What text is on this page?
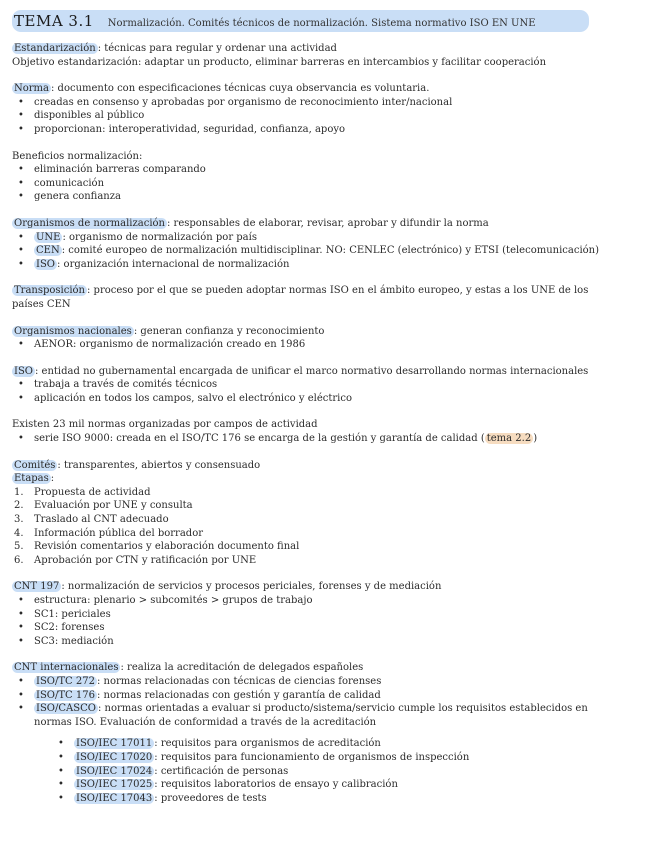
TEMA 3.1 Normalización. Comités técnicos de normalización. Sistema normativo ISO EN UNE
Estandarización : técnicas para regular y ordenar una actividad
Objetivo estandarización: adaptar un producto, eliminar barreras en intercambios y facilitar cooperación
Norma : documento con especificaciones técnicas cuya observancia es voluntaria.
• creadas en consenso y aprobadas por organismo de reconocimiento inter/nacional
• disponibles al público
• proporcionan: interoperatividad, seguridad, confianza, apoyo
Beneficios normalización:
• eliminación barreras comparando
• comunicación
• genera confianza
Organismos de normalización : responsables de elaborar, revisar, aprobar y difundir la norma
• UNE : organismo de normalización por país
• CEN : comité europeo de normalización multidisciplinar. NO: CENLEC (electrónico) y ETSI (telecomunicación)
• ISO : organización internacional de normalización
Transposición : proceso por el que se pueden adoptar normas ISO en el ámbito europeo, y estas a los UNE de los
países CEN
Organismos nacionales : generan confianza y reconocimiento
• AENOR: organismo de normalización creado en 1986
ISO : entidad no gubernamental encargada de unificar el marco normativo desarrollando normas internacionales
• trabaja a través de comités técnicos
• aplicación en todos los campos, salvo el electrónico y eléctrico
Existen 23 mil normas organizadas por campos de actividad
• serie ISO 9000: creada en el ISO/TC 176 se encarga de la gestión y garantía de calidad ( tema 2.2 )
Comités : transparentes, abiertos y consensuado
Etapas :
1. Propuesta de actividad
2. Evaluación por UNE y consulta
3. Traslado al CNT adecuado
4. Información pública del borrador
5. Revisión comentarios y elaboración documento final
6. Aprobación por CTN y ratificación por UNE
CNT 197 : normalización de servicios y procesos periciales, forenses y de mediación
• estructura: plenario > subcomités > grupos de trabajo
• SC1: periciales
• SC2: forenses
• SC3: mediación
CNT internacionales : realiza la acreditación de delegados españoles
• ISO/TC 272 : normas relacionadas con técnicas de ciencias forenses
• ISO/TC 176 : normas relacionadas con gestión y garantía de calidad
• ISO/CASCO : normas orientadas a evaluar si producto/sistema/servicio cumple los requisitos establecidos en normas ISO. Evaluación de conformidad a través de la acreditación
• ISO/IEC 17011 : requisitos para organismos de acreditación
• ISO/IEC 17020 : requisitos para funcionamiento de organismos de inspección
• ISO/IEC 17024 : certificación de personas
• ISO/IEC 17025 : requisitos laboratorios de ensayo y calibración
• ISO/IEC 17043 : proveedores de tests
